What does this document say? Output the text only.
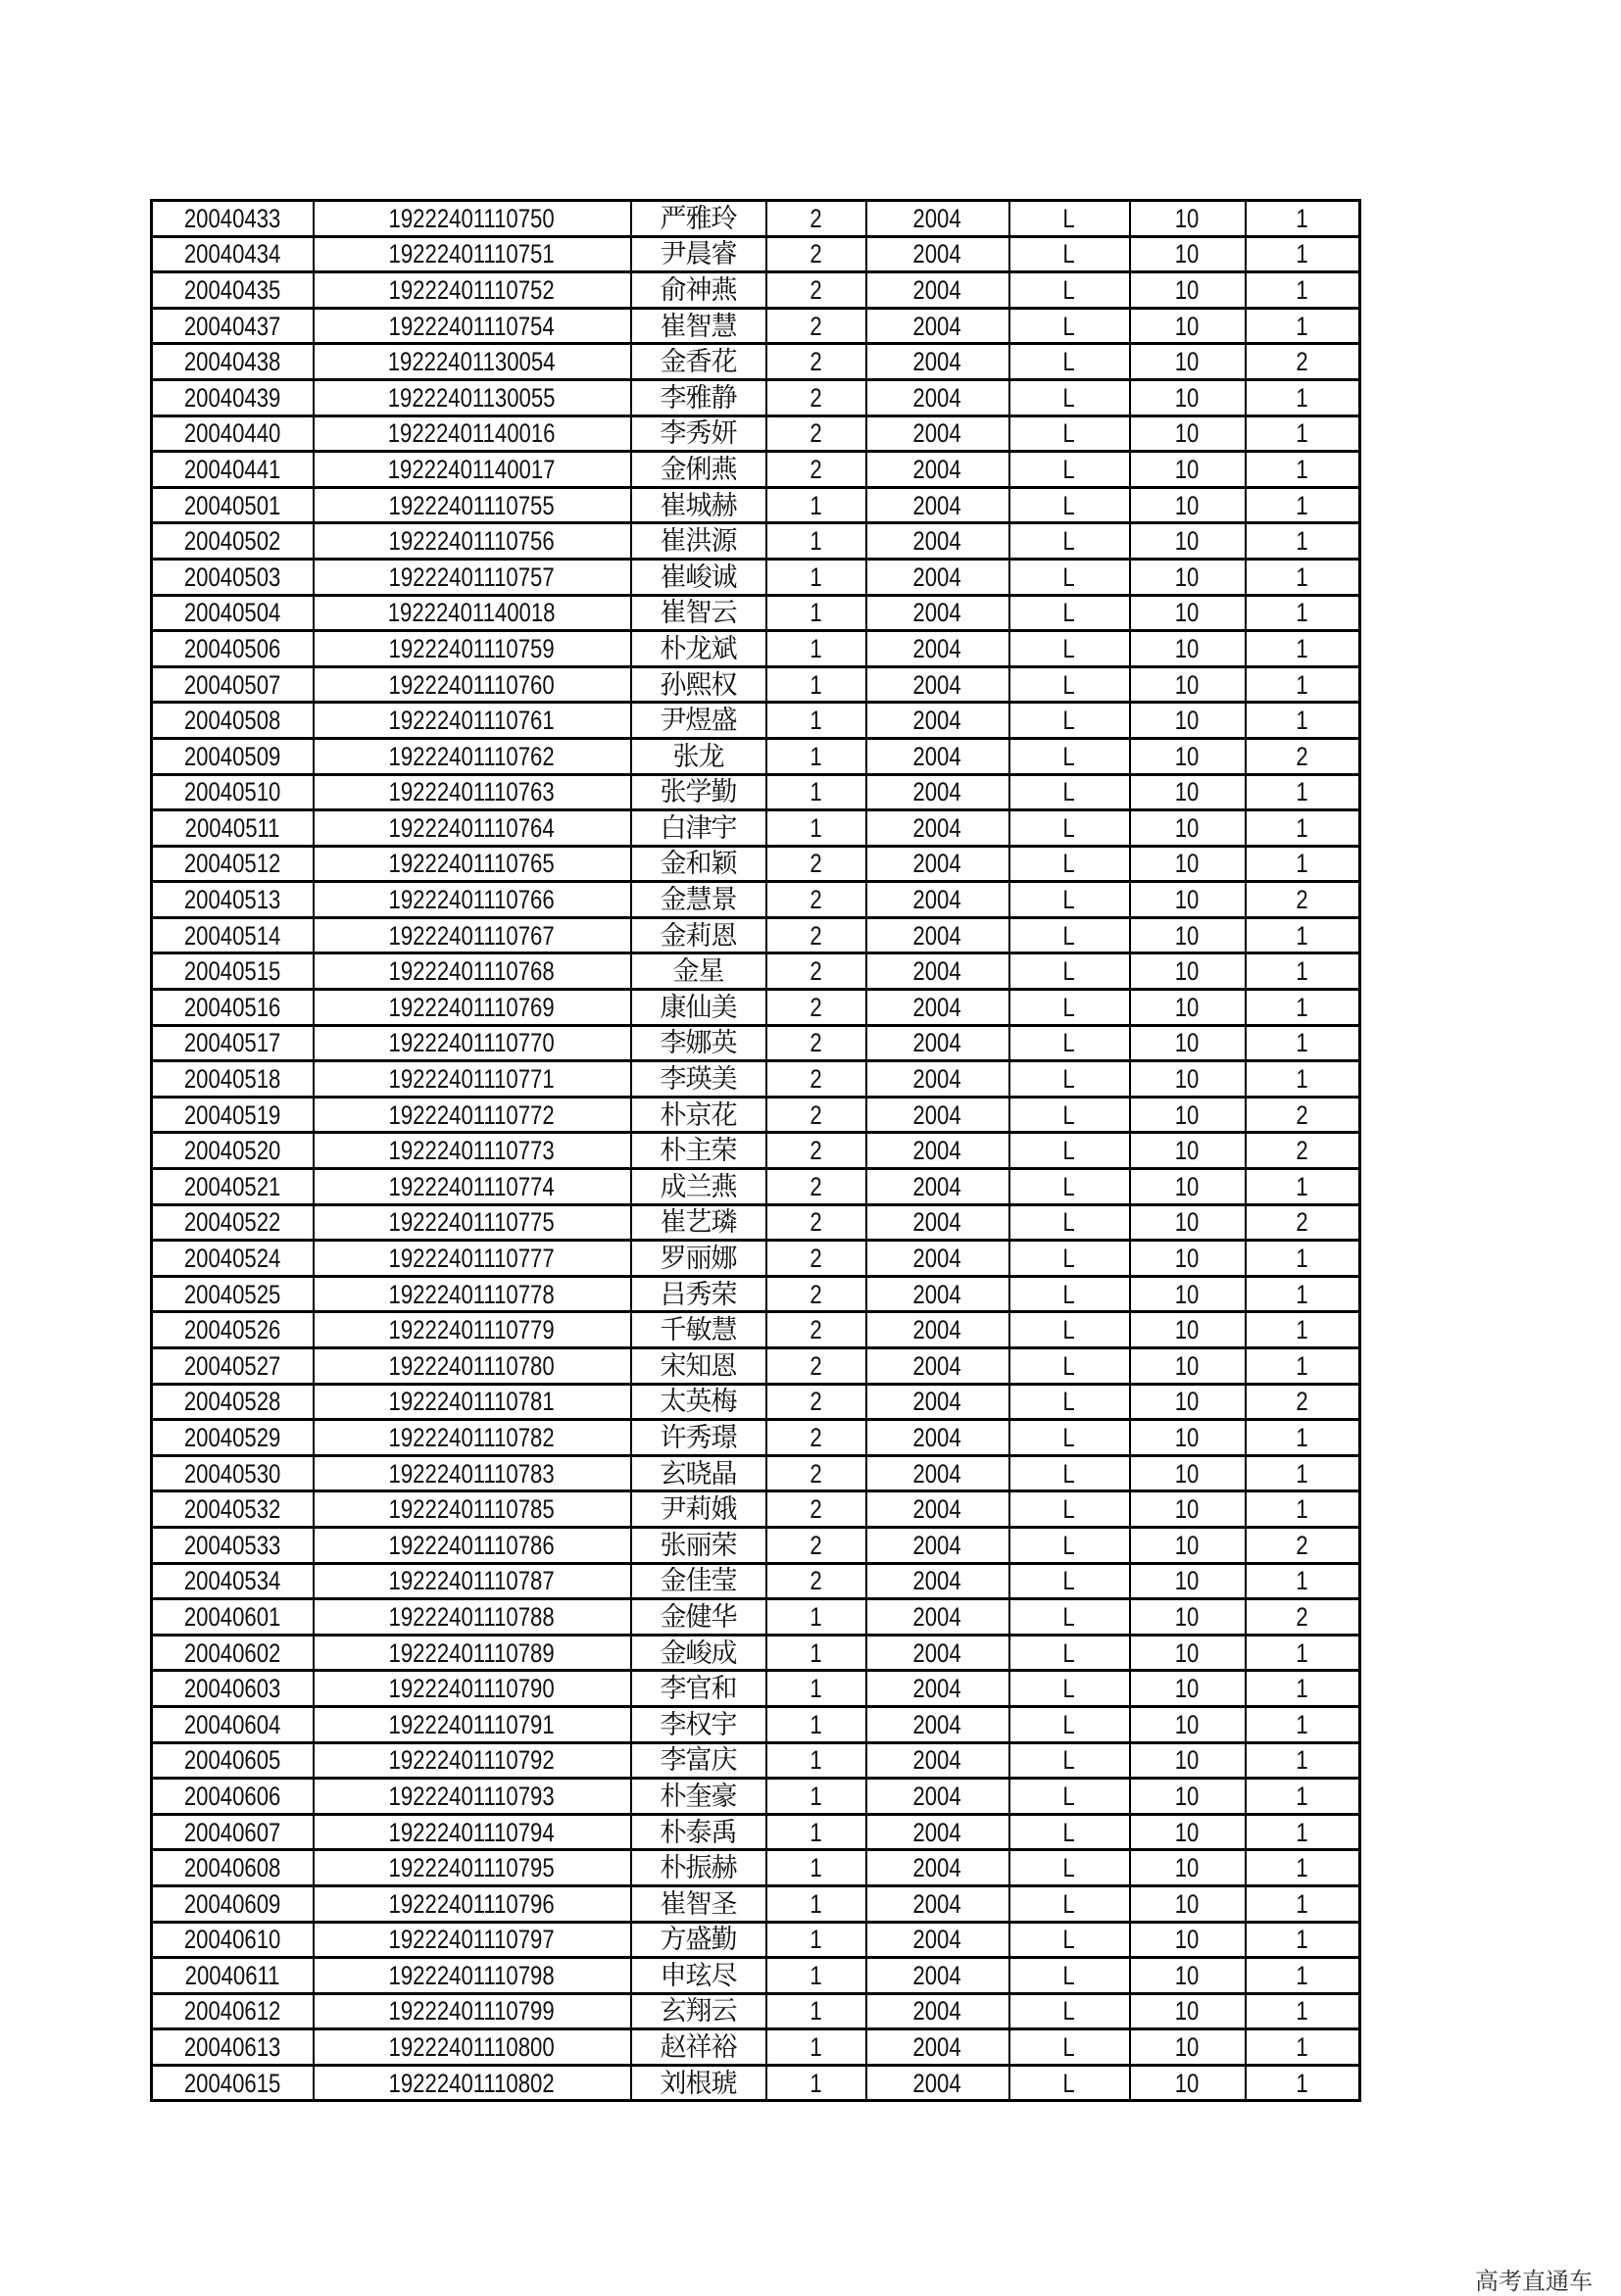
20040433	19222401110750	严雅玲	2	2004	L	10	1
20040434	19222401110751	尹晨睿	2	2004	L	10	1
20040435	19222401110752	俞神燕	2	2004	L	10	1
20040437	19222401110754	崔智慧	2	2004	L	10	1
20040438	19222401130054	金香花	2	2004	L	10	2
20040439	19222401130055	李雅静	2	2004	L	10	1
20040440	19222401140016	李秀妍	2	2004	L	10	1
20040441	19222401140017	金俐燕	2	2004	L	10	1
20040501	19222401110755	崔城赫	1	2004	L	10	1
20040502	19222401110756	崔洪源	1	2004	L	10	1
20040503	19222401110757	崔峻诚	1	2004	L	10	1
20040504	19222401140018	崔智云	1	2004	L	10	1
20040506	19222401110759	朴龙斌	1	2004	L	10	1
20040507	19222401110760	孙熙权	1	2004	L	10	1
20040508	19222401110761	尹煜盛	1	2004	L	10	1
20040509	19222401110762	张龙	1	2004	L	10	2
20040510	19222401110763	张学勤	1	2004	L	10	1
20040511	19222401110764	白津宇	1	2004	L	10	1
20040512	19222401110765	金和颖	2	2004	L	10	1
20040513	19222401110766	金慧景	2	2004	L	10	2
20040514	19222401110767	金莉恩	2	2004	L	10	1
20040515	19222401110768	金星	2	2004	L	10	1
20040516	19222401110769	康仙美	2	2004	L	10	1
20040517	19222401110770	李娜英	2	2004	L	10	1
20040518	19222401110771	李瑛美	2	2004	L	10	1
20040519	19222401110772	朴京花	2	2004	L	10	2
20040520	19222401110773	朴主荣	2	2004	L	10	2
20040521	19222401110774	成兰燕	2	2004	L	10	1
20040522	19222401110775	崔艺璘	2	2004	L	10	2
20040524	19222401110777	罗丽娜	2	2004	L	10	1
20040525	19222401110778	吕秀荣	2	2004	L	10	1
20040526	19222401110779	千敏慧	2	2004	L	10	1
20040527	19222401110780	宋知恩	2	2004	L	10	1
20040528	19222401110781	太英梅	2	2004	L	10	2
20040529	19222401110782	许秀璟	2	2004	L	10	1
20040530	19222401110783	玄晓晶	2	2004	L	10	1
20040532	19222401110785	尹莉娥	2	2004	L	10	1
20040533	19222401110786	张丽荣	2	2004	L	10	2
20040534	19222401110787	金佳莹	2	2004	L	10	1
20040601	19222401110788	金健华	1	2004	L	10	2
20040602	19222401110789	金峻成	1	2004	L	10	1
20040603	19222401110790	李官和	1	2004	L	10	1
20040604	19222401110791	李权宇	1	2004	L	10	1
20040605	19222401110792	李富庆	1	2004	L	10	1
20040606	19222401110793	朴奎豪	1	2004	L	10	1
20040607	19222401110794	朴泰禹	1	2004	L	10	1
20040608	19222401110795	朴振赫	1	2004	L	10	1
20040609	19222401110796	崔智圣	1	2004	L	10	1
20040610	19222401110797	方盛勤	1	2004	L	10	1
20040611	19222401110798	申玹尽	1	2004	L	10	1
20040612	19222401110799	玄翔云	1	2004	L	10	1
20040613	19222401110800	赵祥裕	1	2004	L	10	1
20040615	19222401110802	刘根琥	1	2004	L	10	1
高考直通车
